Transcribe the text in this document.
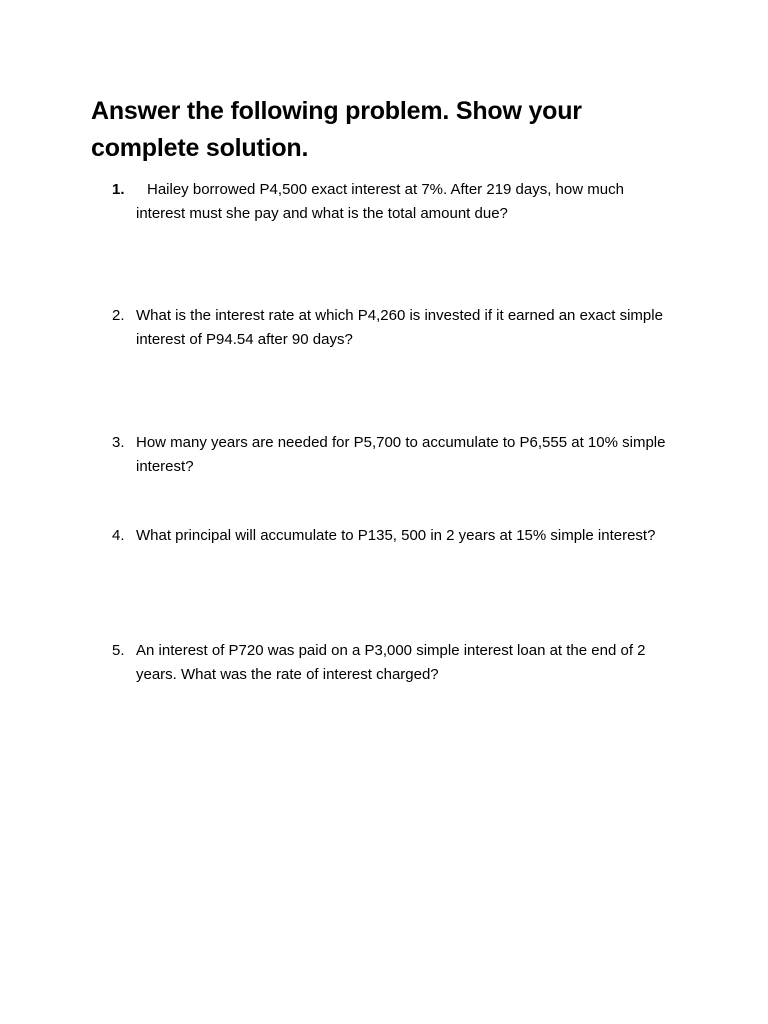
Answer the following problem. Show your complete solution.
1.	Hailey borrowed P4,500 exact interest at 7%. After 219 days, how much interest must she pay and what is the total amount due?
2. What is the interest rate at which P4,260 is invested if it earned an exact simple interest of P94.54 after 90 days?
3. How many years are needed for P5,700 to accumulate to P6,555 at 10% simple interest?
4. What principal will accumulate to P135, 500 in 2 years at 15% simple interest?
5. An interest of P720 was paid on a P3,000 simple interest loan at the end of 2 years. What was the rate of interest charged?
